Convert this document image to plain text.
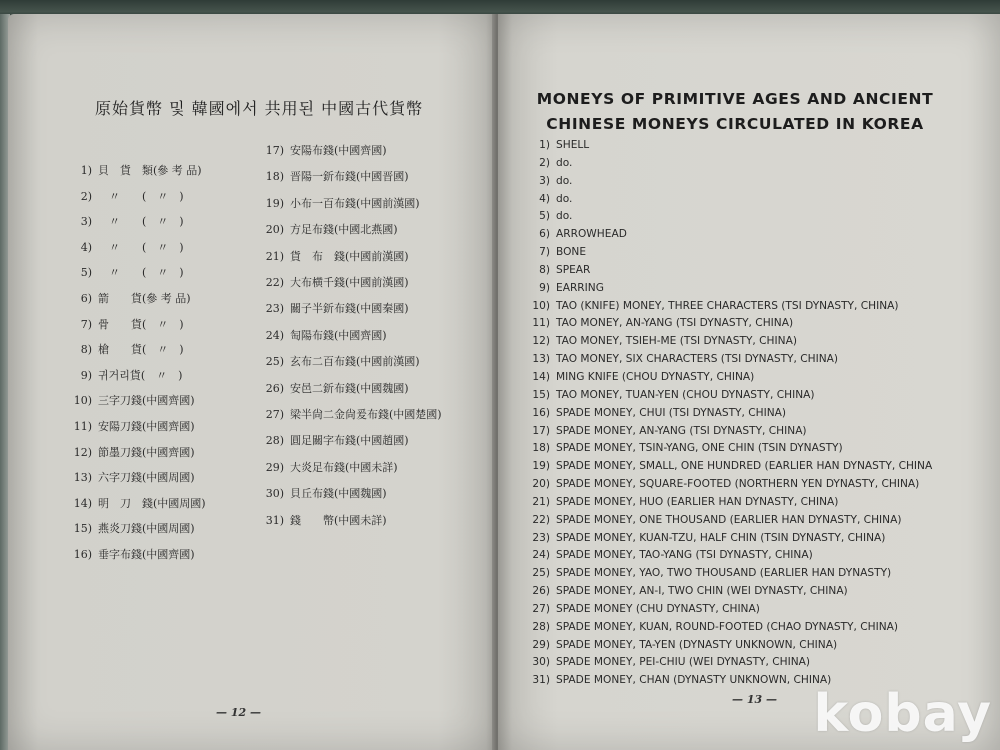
原始貨幣 및 韓國에서 共用된 中國古代貨幣
1) 貝　貨　類(參 考 品)
2)　〃　　(　〃　)
3)　〃　　(　〃　)
4)　〃　　(　〃　)
5)　〃　　(　〃　)
6) 箭　　貨(參 考 品)
7) 骨　　貨(　〃　)
8) 槍　　貨(　〃　)
9) 귀거리貨(　〃　)
10) 三字刀錢(中國齊國)
11) 安陽刀錢(中國齊國)
12) 節墨刀錢(中國齊國)
13) 六字刀錢(中國周國)
14) 明　刀　錢(中國周國)
15) 燕炎刀錢(中國周國)
16) 垂字布錢(中國齊國)
17) 安陽布錢(中國齊國)
18) 晋陽一釿布錢(中國晋國)
19) 小布一百布錢(中國前漢國)
20) 方足布錢(中國北燕國)
21) 貨　布　錢(中國前漢國)
22) 大布横千錢(中國前漢國)
23) 關子半釿布錢(中國秦國)
24) 匋陽布錢(中國齊國)
25) 玄布二百布錢(中國前漢國)
26) 安邑二釿布錢(中國魏國)
27) 梁半尙二金尙爰布錢(中國楚國)
28) 圓足關字布錢(中國趙國)
29) 大炎足布錢(中國未詳)
30) 貝丘布錢(中國魏國)
31) 錢　　幣(中國未詳)
— 12 —
MONEYS OF PRIMITIVE AGES AND ANCIENT
CHINESE MONEYS CIRCULATED IN KOREA
1) SHELL
2) do.
3) do.
4) do.
5) do.
6) ARROWHEAD
7) BONE
8) SPEAR
9) EARRING
10) TAO (KNIFE) MONEY, THREE CHARACTERS (TSI DYNASTY, CHINA)
11) TAO MONEY, AN-YANG (TSI DYNASTY, CHINA)
12) TAO MONEY, TSIEH-ME (TSI DYNASTY, CHINA)
13) TAO MONEY, SIX CHARACTERS (TSI DYNASTY, CHINA)
14) MING KNIFE (CHOU DYNASTY, CHINA)
15) TAO MONEY, TUAN-YEN (CHOU DYNASTY, CHINA)
16) SPADE MONEY, CHUI (TSI DYNASTY, CHINA)
17) SPADE MONEY, AN-YANG (TSI DYNASTY, CHINA)
18) SPADE MONEY, TSIN-YANG, ONE CHIN (TSIN DYNASTY)
19) SPADE MONEY, SMALL, ONE HUNDRED (EARLIER HAN DYNASTY, CHINA
20) SPADE MONEY, SQUARE-FOOTED (NORTHERN YEN DYNASTY, CHINA)
21) SPADE MONEY, HUO (EARLIER HAN DYNASTY, CHINA)
22) SPADE MONEY, ONE THOUSAND (EARLIER HAN DYNASTY, CHINA)
23) SPADE MONEY, KUAN-TZU, HALF CHIN (TSIN DYNASTY, CHINA)
24) SPADE MONEY, TAO-YANG (TSI DYNASTY, CHINA)
25) SPADE MONEY, YAO, TWO THOUSAND (EARLIER HAN DYNASTY)
26) SPADE MONEY, AN-I, TWO CHIN (WEI DYNASTY, CHINA)
27) SPADE MONEY (CHU DYNASTY, CHINA)
28) SPADE MONEY, KUAN, ROUND-FOOTED (CHAO DYNASTY, CHINA)
29) SPADE MONEY, TA-YEN (DYNASTY UNKNOWN, CHINA)
30) SPADE MONEY, PEI-CHIU (WEI DYNASTY, CHINA)
31) SPADE MONEY, CHAN (DYNASTY UNKNOWN, CHINA)
— 13 — kobay
